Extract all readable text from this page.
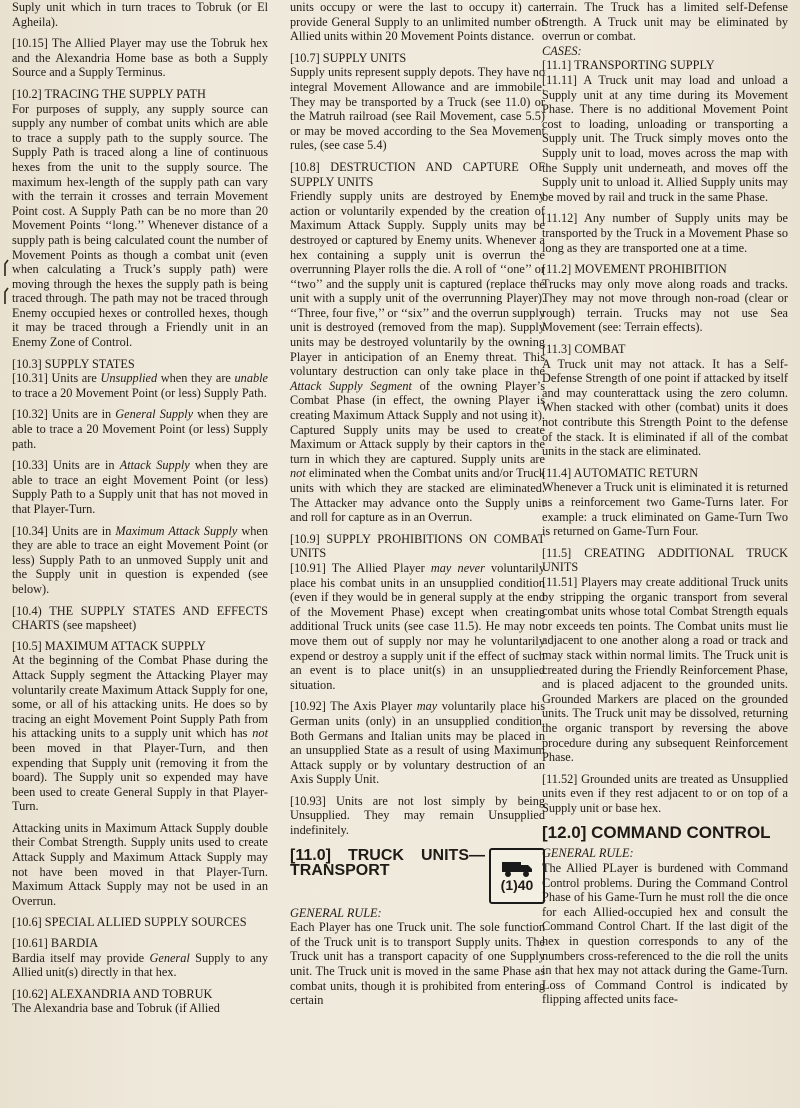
Suply unit which in turn traces to Tobruk (or El Agheila).

[10.15] The Allied Player may use the Tobruk hex and the Alexandria Home base as both a Supply Source and a Supply Terminus.

[10.2] TRACING THE SUPPLY PATH

For purposes of supply, any supply source can supply any number of combat units which are able to trace a supply path to the supply source. The Supply Path is traced along a line of continuous hexes from the unit to the supply source. The maximum hex-length of the supply path can vary with the terrain it crosses and terrain Movement Point cost. A Supply Path can be no more than 20 Movement Points ‘‘long.’’ Whenever distance of a supply path is being calculated count the number of Movement Points as though a combat unit (even when calculating a Truck’s supply path) were moving through the hexes the supply path is being traced through. The path may not be traced through Enemy occupied hexes or controlled hexes, though it may be traced through a Friendly unit in an Enemy Zone of Control.

[10.3] SUPPLY STATES

[10.31] Units are Unsupplied when they are unable to trace a 20 Movement Point (or less) Supply Path.

[10.32] Units are in General Supply when they are able to trace a 20 Movement Point (or less) Supply path.

[10.33] Units are in Attack Supply when they are able to trace an eight Movement Point (or less) Supply Path to a Supply unit that has not moved in that Player-Turn.

[10.34] Units are in Maximum Attack Supply when they are able to trace an eight Movement Point (or less) Supply Path to an unmoved Supply unit and the Supply unit in question is expended (see below).

[10.4) THE SUPPLY STATES AND EFFECTS CHARTS (see mapsheet)
[10.5] MAXIMUM ATTACK SUPPLY

At the beginning of the Combat Phase during the Attack Supply segment the Attacking Player may voluntarily create Maximum Attack Supply for one, some, or all of his attacking units. He does so by tracing an eight Movement Point Supply Path from his attacking units to a supply unit which has not been moved in that Player-Turn, and then expending that Supply unit (removing it from the board). The Supply unit so expended may have been used to create General Supply in that Player-Turn.

Attacking units in Maximum Attack Supply double their Combat Strength. Supply units used to create Attack Supply and Maximum Attack Supply may not have been moved in that Player-Turn. Maximum Attack Supply may not be used in an Overrun.

[10.6] SPECIAL ALLIED SUPPLY SOURCES
[10.61] BARDIA

Bardia itself may provide General Supply to any Allied unit(s) directly in that hex.

[10.62] ALEXANDRIA AND TOBRUK

The Alexandria base and Tobruk (if Allied

units occupy or were the last to occupy it) can provide General Supply to an unlimited number of Allied units within 20 Movement Points distance.

[10.7] SUPPLY UNITS

Supply units represent supply depots. They have no integral Movement Allowance and are immobile. They may be transported by a Truck (see 11.0) or the Matruh railroad (see Rail Movement, case 5.5) or may be moved according to the Sea Movement rules, (see case 5.4)

[10.8] DESTRUCTION AND CAPTURE OF SUPPLY UNITS

Friendly supply units are destroyed by Enemy action or voluntarily expended by the creation of Maximum Attack Supply. Supply units may be destroyed or captured by Enemy units. Whenever a hex containing a supply unit is overrun the overrunning Player rolls the die. A roll of ‘‘one’’ or ‘‘two’’ and the supply unit is captured (replace the unit with a supply unit of the overrunning Player). ‘‘Three, four five,’’ or ‘‘six’’ and the overrun supply unit is destroyed (removed from the map). Supply units may be destroyed voluntarily by the owning Player in anticipation of an Enemy threat. This voluntary destruction can only take place in the Attack Supply Segment of the owning Player’s Combat Phase (in effect, the owning Player is creating Maximum Attack Supply and not using it). Captured Supply units may be used to create Maximum or Attack supply by their captors in the turn in which they are captured. Supply units are not eliminated when the Combat units and/or Truck units with which they are stacked are eliminated. The Attacker may advance onto the Supply unit and roll for capture as in an Overrun.

[10.9] SUPPLY PROHIBITIONS ON COMBAT UNITS

[10.91] The Allied Player may never voluntarily place his combat units in an unsupplied condition (even if they would be in general supply at the end of the Movement Phase) except when creating additional Truck units (see case 11.5). He may not move them out of supply nor may he voluntarily expend or destroy a supply unit if the effect of such an event is to place unit(s) in an unsupplied situation.

[10.92] The Axis Player may voluntarily place his German units (only) in an unsupplied condition. Both Germans and Italian units may be placed in an unsupplied State as a result of using Maximum Attack supply or by voluntary destruction of an Axis Supply Unit.

[10.93] Units are not lost simply by being Unsupplied. They may remain Unsupplied indefinitely.

[11.0] TRUCK UNITS— TRANSPORT
(1)40
GENERAL RULE:

Each Player has one Truck unit. The sole function of the Truck unit is to transport Supply units. The Truck unit has a transport capacity of one Supply unit. The Truck unit is moved in the same Phase as combat units, though it is prohibited from entering certain

terrain. The Truck has a limited self-Defense Strength. A Truck unit may be eliminated by overrun or combat.

CASES:
[11.1] TRANSPORTING SUPPLY

[11.11] A Truck unit may load and unload a Supply unit at any time during its Movement Phase. There is no additional Movement Point cost to loading, unloading or transporting a Supply unit. The Truck simply moves onto the Supply unit to load, moves across the map with the Supply unit underneath, and moves off the Supply unit to unload it. Allied Supply units may be moved by rail and truck in the same Phase.

[11.12] Any number of Supply units may be transported by the Truck in a Movement Phase so long as they are transported one at a time.

[11.2] MOVEMENT PROHIBITION

Trucks may only move along roads and tracks. They may not move through non-road (clear or rough) terrain. Trucks may not use Sea Movement (see: Terrain effects).

[11.3] COMBAT

A Truck unit may not attack. It has a Self-Defense Strength of one point if attacked by itself and may counterattack using the zero column. When stacked with other (combat) units it does not contribute this Strength Point to the defense of the stack. It is eliminated if all of the combat units in the stack are eliminated.

[11.4] AUTOMATIC RETURN

Whenever a Truck unit is eliminated it is returned as a reinforcement two Game-Turns later. For example: a truck eliminated on Game-Turn Two is returned on Game-Turn Four.

[11.5] CREATING ADDITIONAL TRUCK UNITS

[11.51] Players may create additional Truck units by stripping the organic transport from several combat units whose total Combat Strength equals or exceeds ten points. The Combat units must lie adjacent to one another along a road or track and may stack within normal limits. The Truck unit is created during the Friendly Reinforcement Phase, and is placed adjacent to the grounded units. Grounded Markers are placed on the grounded units. The Truck unit may be dissolved, returning the organic transport by reversing the above procedure during any subsequent Reinforcement Phase.

[11.52] Grounded units are treated as Unsupplied units even if they rest adjacent to or on top of a Supply unit or base hex.

[12.0] COMMAND CONTROL
GENERAL RULE:

The Allied PLayer is burdened with Command Control problems. During the Command Control Phase of his Game-Turn he must roll the die once for each Allied-occupied hex and consult the Command Control Chart. If the last digit of the hex in question corresponds to any of the numbers cross-referenced to the die roll the units in that hex may not attack during the Game-Turn. Loss of Command Control is indicated by flipping affected units face-
